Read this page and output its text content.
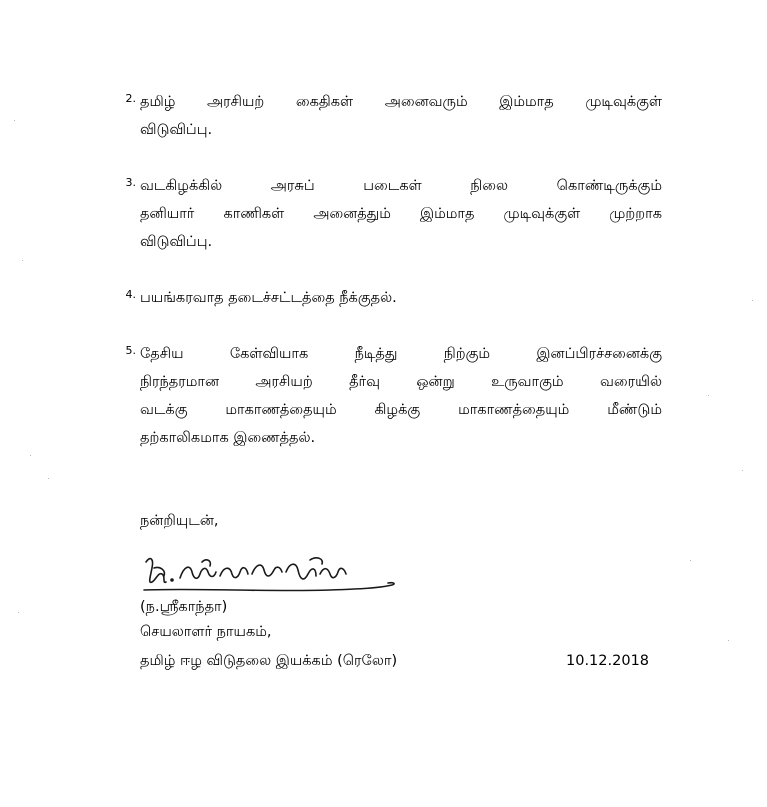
2. தமிழ் அரசியற் கைதிகள் அனைவரும் இம்மாத முடிவுக்குள்
விடுவிப்பு.
3. வடகிழக்கில் அரசுப் படைகள் நிலை கொண்டிருக்கும்
தனியார் காணிகள் அனைத்தும் இம்மாத முடிவுக்குள் முற்றாக
விடுவிப்பு.
4. பயங்கரவாத தடைச்சட்டத்தை நீக்குதல்.
5. தேசிய கேள்வியாக நீடித்து நிற்கும் இனப்பிரச்சனைக்கு
நிரந்தரமான அரசியற் தீர்வு ஒன்று உருவாகும் வரையில்
வடக்கு மாகாணத்தையும் கிழக்கு மாகாணத்தையும் மீண்டும்
தற்காலிகமாக இணைத்தல்.
நன்றியுடன்,
(ந.ஸ்ரீகாந்தா)
செயலாளர் நாயகம்,
தமிழ் ஈழ விடுதலை இயக்கம் (ரெலோ)	10.12.2018
